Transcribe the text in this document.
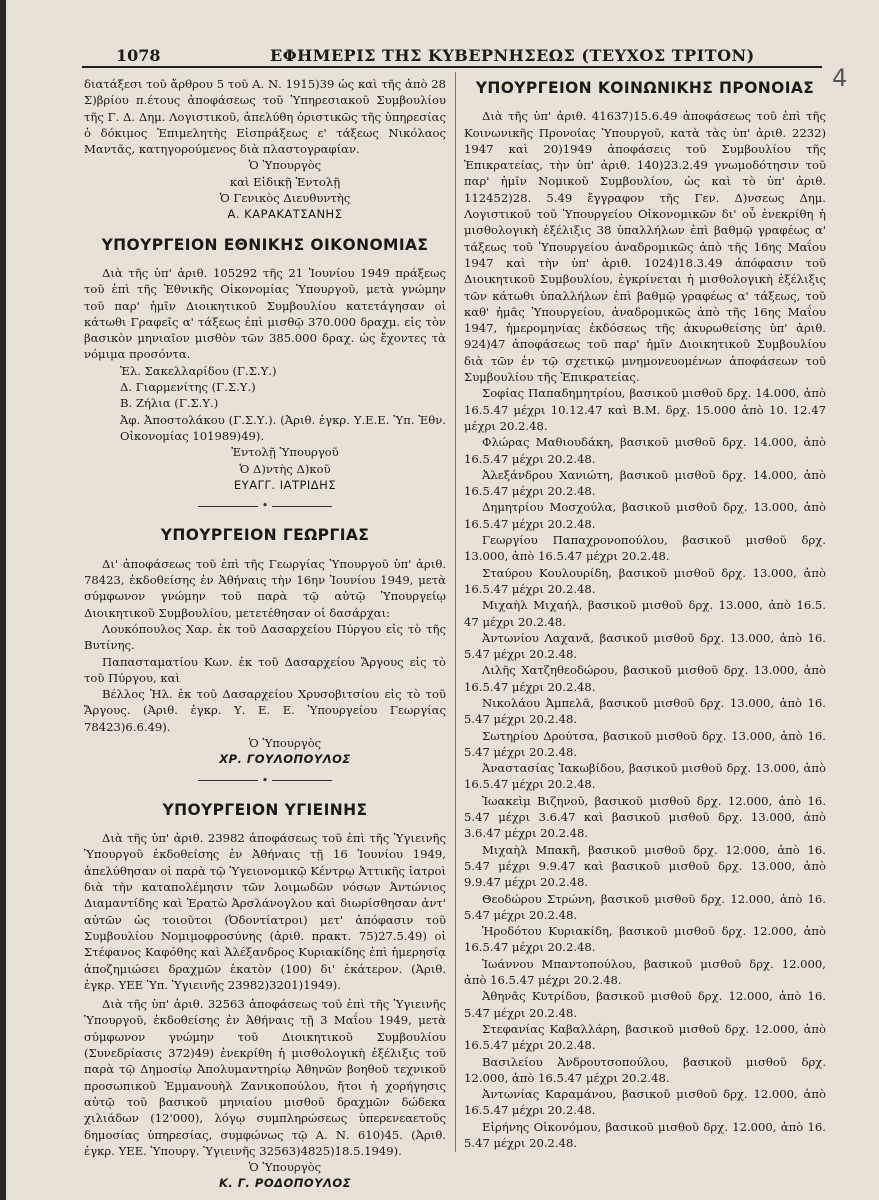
1078	ΕΦΗΜΕΡΙΣ ΤΗΣ ΚΥΒΕΡΝΗΣΕΩΣ (ΤΕΥΧΟΣ ΤΡΙΤΟΝ)
4

διατάξεσι τοῦ ἄρθρου 5 τοῦ Α. Ν. 1915)39 ὡς καὶ τῆς ἀπὸ 28 Σ)βρίου π.έτους ἀποφάσεως τοῦ Ὑπηρεσιακοῦ Συμβουλίου τῆς Γ. Δ. Δημ. Λογιστικοῦ, ἀπελύθη ὁριστικῶς τῆς ὑπηρεσίας ὁ δόκιμος Ἐπιμελητὴς Εἰσπράξεως ε' τάξεως Νικόλαος Μαντᾶς, κατηγορούμενος διὰ πλαστογραφίαν.

Ὁ Ὑπουργὸς

καὶ Εἰδικῇ Ἐντολῇ

Ὁ Γενικὸς Διευθυντὴς

Α. ΚΑΡΑΚΑΤΣΑΝΗΣ

ΥΠΟΥΡΓΕΙΟΝ ΕΘΝΙΚΗΣ ΟΙΚΟΝΟΜΙΑΣ

Διὰ τῆς ὑπ' ἀριθ. 105292 τῆς 21 Ἰουνίου 1949 πράξεως τοῦ ἐπὶ τῆς Ἐθνικῆς Οἰκονομίας Ὑπουργοῦ, μετὰ γνώμην τοῦ παρ' ἡμῖν Διοικητικοῦ Συμβουλίου κατετάγησαν οἱ κάτωθι Γραφεῖς α' τάξεως ἐπὶ μισθῷ 370.000 δραχμ. εἰς τὸν βασικὸν μηνιαῖον μισθὸν τῶν 385.000 δραχ. ὡς ἔχοντες τὰ νόμιμα προσόντα.

Ἐλ. Σακελλαρίδου (Γ.Σ.Υ.)

Δ. Γιαρμενίτης (Γ.Σ.Υ.)

Β. Ζήλια (Γ.Σ.Υ.)

Ἀφ. Ἀποστολάκου (Γ.Σ.Υ.). (Ἀριθ. ἐγκρ. Υ.Ε.Ε. Ὑπ. Ἐθν. Οἰκονομίας 101989)49).

Ἐντολῇ Ὑπουργοῦ

Ὁ Δ)ντὴς Δ)κοῦ

ΕΥΑΓΓ. ΙΑΤΡΙΔΗΣ

•
ΥΠΟΥΡΓΕΙΟΝ ΓΕΩΡΓΙΑΣ

Δι' ἀποφάσεως τοῦ ἐπὶ τῆς Γεωργίας Ὑπουργοῦ ὑπ' ἀριθ. 78423, ἐκδοθείσης ἐν Ἀθήναις τὴν 16ην Ἰουνίου 1949, μετὰ σύμφωνον γνώμην τοῦ παρὰ τῷ αὐτῷ Ὑπουργείῳ Διοικητικοῦ Συμβουλίου, μετετέθησαν οἱ δασάρχαι:

Λουκόπουλος Χαρ. ἐκ τοῦ Δασαρχείου Πύργου εἰς τὸ τῆς Βυτίνης.

Παπασταματίου Κων. ἐκ τοῦ Δασαρχείου Ἄργους εἰς τὸ τοῦ Πύργου, καὶ

Βέλλος Ἠλ. ἐκ τοῦ Δασαρχείου Χρυσοβιτσίου εἰς τὸ τοῦ Ἄργους. (Ἀριθ. ἐγκρ. Υ. Ε. Ε. Ὑπουργείου Γεωργίας 78423)6.6.49).

Ὁ Ὑπουργὸς

ΧΡ. ΓΟΥΛΟΠΟΥΛΟΣ

•
ΥΠΟΥΡΓΕΙΟΝ ΥΓΙΕΙΝΗΣ

Διὰ τῆς ὑπ' ἀριθ. 23982 ἀποφάσεως τοῦ ἐπὶ τῆς Ὑγιεινῆς Ὑπουργοῦ ἐκδοθείσης ἐν Ἀθήναις τῇ 16 Ἰουνίου 1949, ἀπελύθησαν οἱ παρὰ τῷ Ὑγειονομικῷ Κέντρῳ Ἀττικῆς ἰατροὶ διὰ τὴν καταπολέμησιν τῶν λοιμωδῶν νόσων Ἀντώνιος Διαμαντίδης καὶ Ἐρατὼ Ἀρσλάνογλου καὶ διωρίσθησαν ἀντ' αὐτῶν ὡς τοιοῦτοι (Ὀδοντίατροι) μετ' ἀπόφασιν τοῦ Συμβουλίου Νομιμοφροσύνης (ἀριθ. πρακτ. 75)27.5.49) οἱ Στέφανος Καφόθης καὶ Ἀλέξανδρος Κυριακίδης ἐπὶ ἡμερησίᾳ ἀποζημιώσει δραχμῶν ἑκατὸν (100) δι' ἑκάτερον. (Ἀριθ. ἐγκρ. ΥΕΕ Ὑπ. Ὑγιεινῆς 23982)3201)1949).

Διὰ τῆς ὑπ' ἀριθ. 32563 ἀποφάσεως τοῦ ἐπὶ τῆς Ὑγιεινῆς Ὑπουργοῦ, ἐκδοθείσης ἐν Ἀθήναις τῇ 3 Μαΐου 1949, μετὰ σύμφωνον γνώμην τοῦ Διοικητικοῦ Συμβουλίου (Συνεδρίασις 372)49) ἐνεκρίθη ἡ μισθολογικὴ ἐξέλιξις τοῦ παρὰ τῷ Δημοσίῳ Ἀπολυμαντηρίῳ Ἀθηνῶν βοηθοῦ τεχνικοῦ προσωπικοῦ Ἐμμανουὴλ Ζανικοπούλου, ἤτοι ἡ χορήγησις αὐτῷ τοῦ βασικοῦ μηνιαίου μισθοῦ δραχμῶν δώδεκα χιλιάδων (12'000), λόγῳ συμπληρώσεως ὑπερενεαετοῦς δημοσίας ὑπηρεσίας, συμφώνως τῷ Α. Ν. 610)45. (Ἀριθ. ἐγκρ. ΥΕΕ. Ὑπουργ. Ὑγιεινῆς 32563)4825)18.5.1949).

Ὁ Ὑπουργὸς

Κ. Γ. ΡΟΔΟΠΟΥΛΟΣ

ΥΠΟΥΡΓΕΙΟΝ ΚΟΙΝΩΝΙΚΗΣ ΠΡΟΝΟΙΑΣ

Διὰ τῆς ὑπ' ἀριθ. 41637)15.6.49 ἀποφάσεως τοῦ ἐπὶ τῆς Κοινωνικῆς Προνοίας Ὑπουργοῦ, κατὰ τὰς ὑπ' ἀριθ. 2232) 1947 καὶ 20)1949 ἀποφάσεις τοῦ Συμβουλίου τῆς Ἐπικρατείας, τὴν ὑπ' ἀριθ. 140)23.2.49 γνωμοδότησιν τοῦ παρ' ἡμῖν Νομικοῦ Συμβουλίου, ὡς καὶ τὸ ὑπ' ἀριθ. 112452)28. 5.49 ἔγγραφον τῆς Γεν. Δ)νσεως Δημ. Λογιστικοῦ τοῦ Ὑπουργείου Οἰκονομικῶν δι' οὗ ἐνεκρίθη ἡ μισθολογικὴ ἐξέλιξις 38 ὑπαλλήλων ἐπὶ βαθμῷ γραφέως α' τάξεως τοῦ Ὑπουργείου ἀναδρομικῶς ἀπὸ τῆς 16ης Μαΐου 1947 καὶ τὴν ὑπ' ἀριθ. 1024)18.3.49 ἀπόφασιν τοῦ Διοικητικοῦ Συμβουλίου, ἐγκρίνεται ἡ μισθολογικὴ ἐξέλιξις τῶν κάτωθι ὑπαλλήλων ἐπὶ βαθμῷ γραφέως α' τάξεως, τοῦ καθ' ἡμᾶς Ὑπουργείου, ἀναδρομικῶς ἀπὸ τῆς 16ης Μαΐου 1947, ἡμερομηνίας ἐκδόσεως τῆς ἀκυρωθείσης ὑπ' ἀριθ. 924)47 ἀποφάσεως τοῦ παρ' ἡμῖν Διοικητικοῦ Συμβουλίου διὰ τῶν ἐν τῷ σχετικῷ μνημονευομένων ἀποφάσεων τοῦ Συμβουλίου τῆς Ἐπικρατείας.

Σοφίας Παπαδημητρίου, βασικοῦ μισθοῦ δρχ. 14.000, ἀπὸ 16.5.47 μέχρι 10.12.47 καὶ Β.Μ. δρχ. 15.000 ἀπὸ 10. 12.47 μέχρι 20.2.48.

Φλώρας Μαθιουδάκη, βασικοῦ μισθοῦ δρχ. 14.000, ἀπὸ 16.5.47 μέχρι 20.2.48.

Ἀλεξάνδρου Χανιώτη, βασικοῦ μισθοῦ δρχ. 14.000, ἀπὸ 16.5.47 μέχρι 20.2.48.

Δημητρίου Μοσχούλα, βασικοῦ μισθοῦ δρχ. 13.000, ἀπὸ 16.5.47 μέχρι 20.2.48.

Γεωργίου Παπαχρονοπούλου, βασικοῦ μισθοῦ δρχ. 13.000, ἀπὸ 16.5.47 μέχρι 20.2.48.

Σταύρου Κουλουρίδη, βασικοῦ μισθοῦ δρχ. 13.000, ἀπὸ 16.5.47 μέχρι 20.2.48.

Μιχαὴλ Μιχαήλ, βασικοῦ μισθοῦ δρχ. 13.000, ἀπὸ 16.5. 47 μέχρι 20.2.48.

Ἀντωνίου Λαχανᾶ, βασικοῦ μισθοῦ δρχ. 13.000, ἀπὸ 16. 5.47 μέχρι 20.2.48.

Λιλῆς Χατζηθεοδώρου, βασικοῦ μισθοῦ δρχ. 13.000, ἀπὸ 16.5.47 μέχρι 20.2.48.

Νικολάου Ἀμπελᾶ, βασικοῦ μισθοῦ δρχ. 13.000, ἀπὸ 16. 5.47 μέχρι 20.2.48.

Σωτηρίου Δρούτσα, βασικοῦ μισθοῦ δρχ. 13.000, ἀπὸ 16. 5.47 μέχρι 20.2.48.

Ἀναστασίας Ἰακωβίδου, βασικοῦ μισθοῦ δρχ. 13.000, ἀπὸ 16.5.47 μέχρι 20.2.48.

Ἰωακεὶμ Βιζηνοῦ, βασικοῦ μισθοῦ δρχ. 12.000, ἀπὸ 16. 5.47 μέχρι 3.6.47 καὶ βασικοῦ μισθοῦ δρχ. 13.000, ἀπὸ 3.6.47 μέχρι 20.2.48.

Μιχαὴλ Μπακῆ, βασικοῦ μισθοῦ δρχ. 12.000, ἀπὸ 16. 5.47 μέχρι 9.9.47 καὶ βασικοῦ μισθοῦ δρχ. 13.000, ἀπὸ 9.9.47 μέχρι 20.2.48.

Θεοδώρου Στρώνη, βασικοῦ μισθοῦ δρχ. 12.000, ἀπὸ 16. 5.47 μέχρι 20.2.48.

Ἡροδότου Κυριακίδη, βασικοῦ μισθοῦ δρχ. 12.000, ἀπὸ 16.5.47 μέχρι 20.2.48.

Ἰωάννου Μπαντοπούλου, βασικοῦ μισθοῦ δρχ. 12.000, ἀπὸ 16.5.47 μέχρι 20.2.48.

Ἀθηνᾶς Κυτρίδου, βασικοῦ μισθοῦ δρχ. 12.000, ἀπὸ 16. 5.47 μέχρι 20.2.48.

Στεφανίας Καβαλλάρη, βασικοῦ μισθοῦ δρχ. 12.000, ἀπὸ 16.5.47 μέχρι 20.2.48.

Βασιλείου Ἀνδρουτσοπούλου, βασικοῦ μισθοῦ δρχ. 12.000, ἀπὸ 16.5.47 μέχρι 20.2.48.

Ἀντωνίας Καραμάνου, βασικοῦ μισθοῦ δρχ. 12.000, ἀπὸ 16.5.47 μέχρι 20.2.48.

Εἰρήνης Οἰκονόμου, βασικοῦ μισθοῦ δρχ. 12.000, ἀπὸ 16. 5.47 μέχρι 20.2.48.
